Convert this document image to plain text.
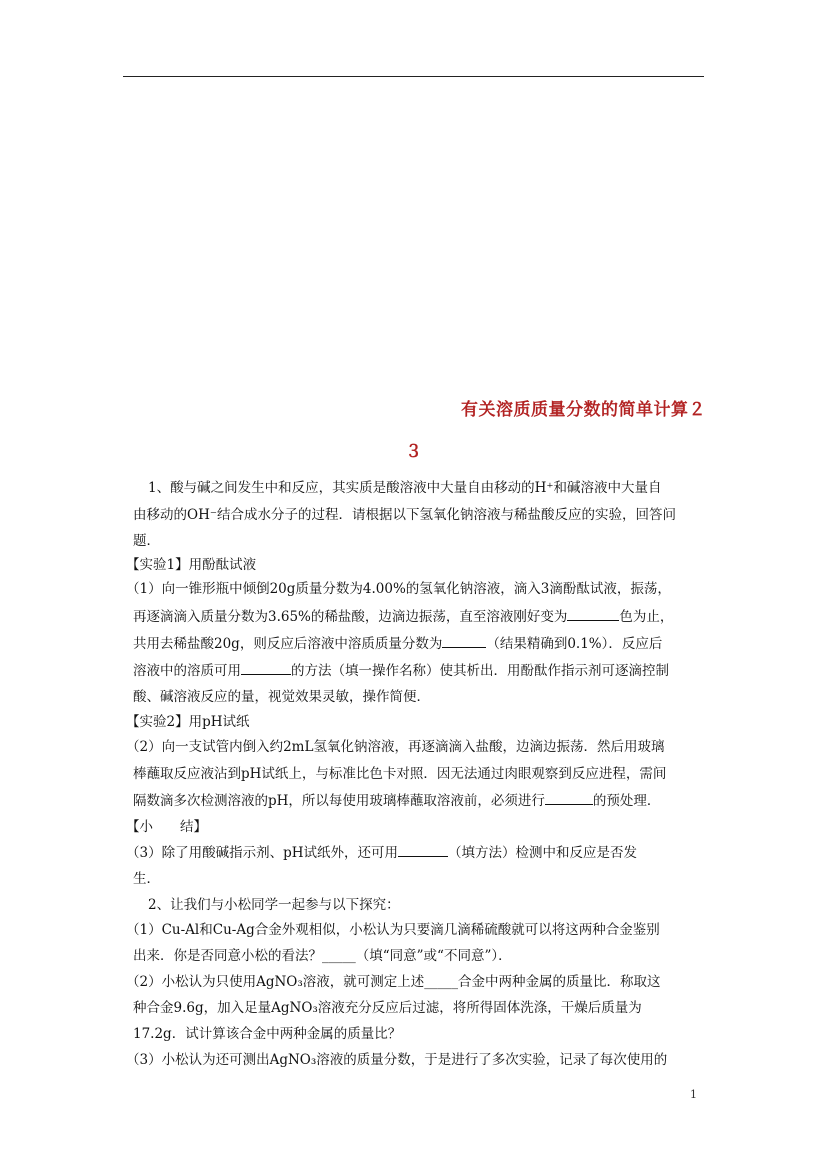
有关溶质质量分数的简单计算２
３
1、酸与碱之间发生中和反应，其实质是酸溶液中大量自由移动的H⁺和碱溶液中大量自
由移动的OH⁻结合成水分子的过程．请根据以下氢氧化钠溶液与稀盐酸反应的实验，回答问
题．
【实验1】用酚酞试液
（1）向一锥形瓶中倾倒20g质量分数为4.00%的氢氧化钠溶液，滴入3滴酚酞试液，振荡，
再逐滴滴入质量分数为3.65%的稀盐酸，边滴边振荡，直至溶液刚好变为	色为止，
共用去稀盐酸20g，则反应后溶液中溶质质量分数为	（结果精确到0.1%）．反应后
溶液中的溶质可用	的方法（填一操作名称）使其析出．用酚酞作指示剂可逐滴控制
酸、碱溶液反应的量，视觉效果灵敏，操作简便．
【实验2】用pH试纸
（2）向一支试管内倒入约2mL氢氧化钠溶液，再逐滴滴入盐酸，边滴边振荡．然后用玻璃
棒蘸取反应液沾到pH试纸上，与标准比色卡对照．因无法通过肉眼观察到反应进程，需间
隔数滴多次检测溶液的pH，所以每使用玻璃棒蘸取溶液前，必须进行	的预处理．
【小　　结】
（3）除了用酸碱指示剂、pH试纸外，还可用	（填方法）检测中和反应是否发
生．
2、让我们与小松同学一起参与以下探究：
（1）Cu-Al和Cu-Ag合金外观相似，小松认为只要滴几滴稀硫酸就可以将这两种合金鉴别
出来．你是否同意小松的看法？_____（填“同意”或“不同意”）．
（2）小松认为只使用AgNO₃溶液，就可测定上述_____合金中两种金属的质量比．称取这
种合金9.6g，加入足量AgNO₃溶液充分反应后过滤，将所得固体洗涤，干燥后质量为
17.2g．试计算该合金中两种金属的质量比？
（3）小松认为还可测出AgNO₃溶液的质量分数，于是进行了多次实验，记录了每次使用的
1
